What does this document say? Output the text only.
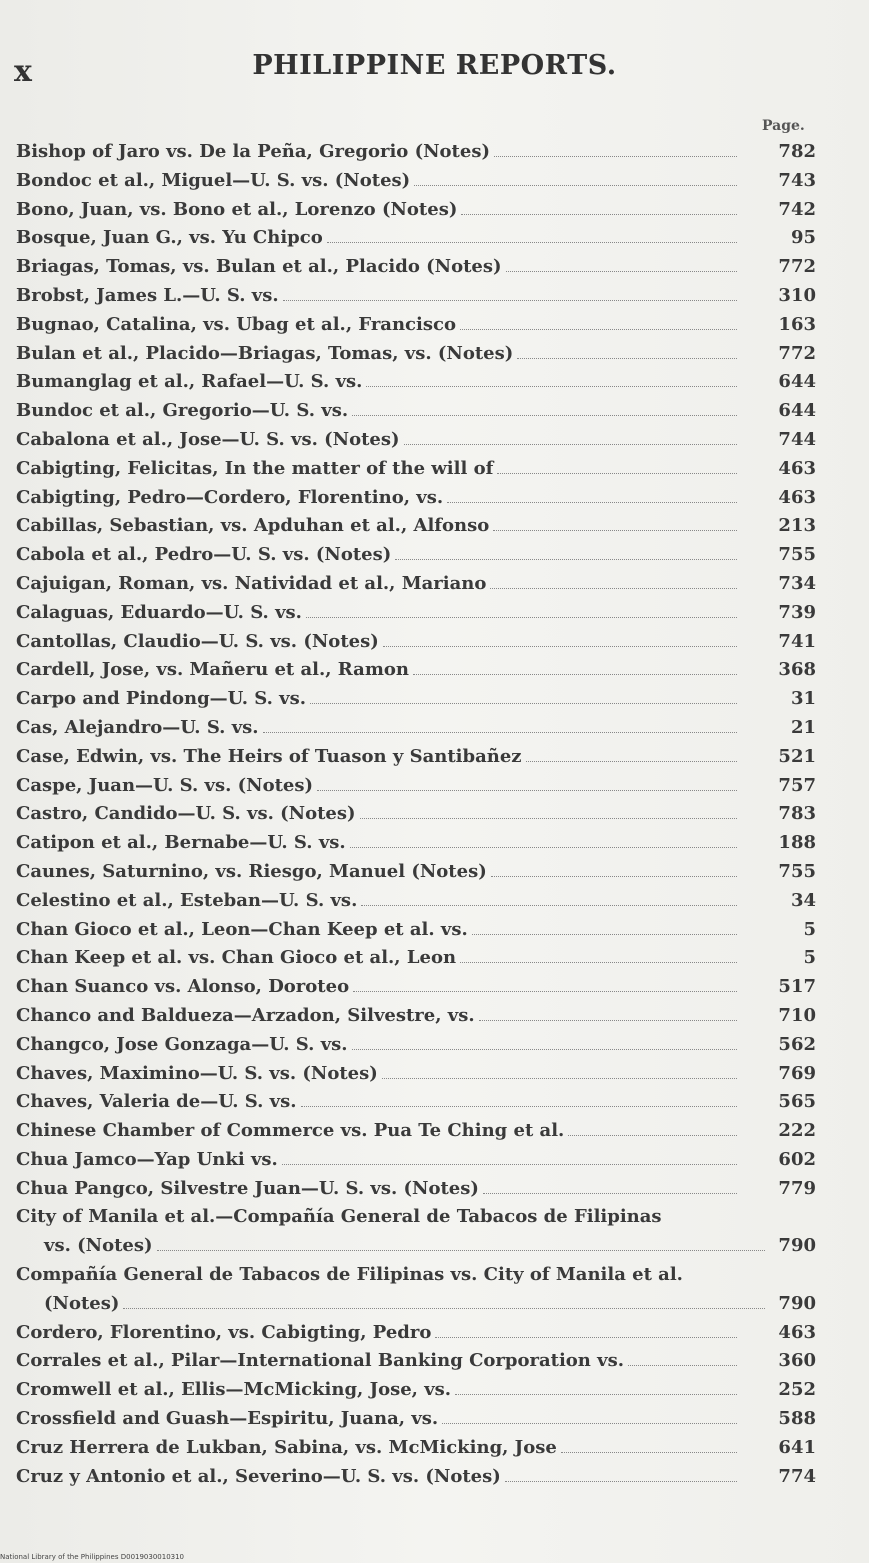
x	PHILIPPINE REPORTS.
Page.
Bishop of Jaro vs. De la Peña, Gregorio (Notes)	782
Bondoc et al., Miguel—U. S. vs. (Notes)	743
Bono, Juan, vs. Bono et al., Lorenzo (Notes)	742
Bosque, Juan G., vs. Yu Chipco	95
Briagas, Tomas, vs. Bulan et al., Placido (Notes)	772
Brobst, James L.—U. S. vs.	310
Bugnao, Catalina, vs. Ubag et al., Francisco	163
Bulan et al., Placido—Briagas, Tomas, vs. (Notes)	772
Bumanglag et al., Rafael—U. S. vs.	644
Bundoc et al., Gregorio—U. S. vs.	644
Cabalona et al., Jose—U. S. vs. (Notes)	744
Cabigting, Felicitas, In the matter of the will of	463
Cabigting, Pedro—Cordero, Florentino, vs.	463
Cabillas, Sebastian, vs. Apduhan et al., Alfonso	213
Cabola et al., Pedro—U. S. vs. (Notes)	755
Cajuigan, Roman, vs. Natividad et al., Mariano	734
Calaguas, Eduardo—U. S. vs.	739
Cantollas, Claudio—U. S. vs. (Notes)	741
Cardell, Jose, vs. Mañeru et al., Ramon	368
Carpo and Pindong—U. S. vs.	31
Cas, Alejandro—U. S. vs.	21
Case, Edwin, vs. The Heirs of Tuason y Santibañez	521
Caspe, Juan—U. S. vs. (Notes)	757
Castro, Candido—U. S. vs. (Notes)	783
Catipon et al., Bernabe—U. S. vs.	188
Caunes, Saturnino, vs. Riesgo, Manuel (Notes)	755
Celestino et al., Esteban—U. S. vs.	34
Chan Gioco et al., Leon—Chan Keep et al. vs.	5
Chan Keep et al. vs. Chan Gioco et al., Leon	5
Chan Suanco vs. Alonso, Doroteo	517
Chanco and Baldueza—Arzadon, Silvestre, vs.	710
Changco, Jose Gonzaga—U. S. vs.	562
Chaves, Maximino—U. S. vs. (Notes)	769
Chaves, Valeria de—U. S. vs.	565
Chinese Chamber of Commerce vs. Pua Te Ching et al.	222
Chua Jamco—Yap Unki vs.	602
Chua Pangco, Silvestre Juan—U. S. vs. (Notes)	779
City of Manila et al.—Compañía General de Tabacos de Filipinas
vs. (Notes)	790
Compañía General de Tabacos de Filipinas vs. City of Manila et al.
(Notes)	790
Cordero, Florentino, vs. Cabigting, Pedro	463
Corrales et al., Pilar—International Banking Corporation vs.	360
Cromwell et al., Ellis—McMicking, Jose, vs.	252
Crossfield and Guash—Espiritu, Juana, vs.	588
Cruz Herrera de Lukban, Sabina, vs. McMicking, Jose	641
Cruz y Antonio et al., Severino—U. S. vs. (Notes)	774
National Library of the Philippines D0019030010310
